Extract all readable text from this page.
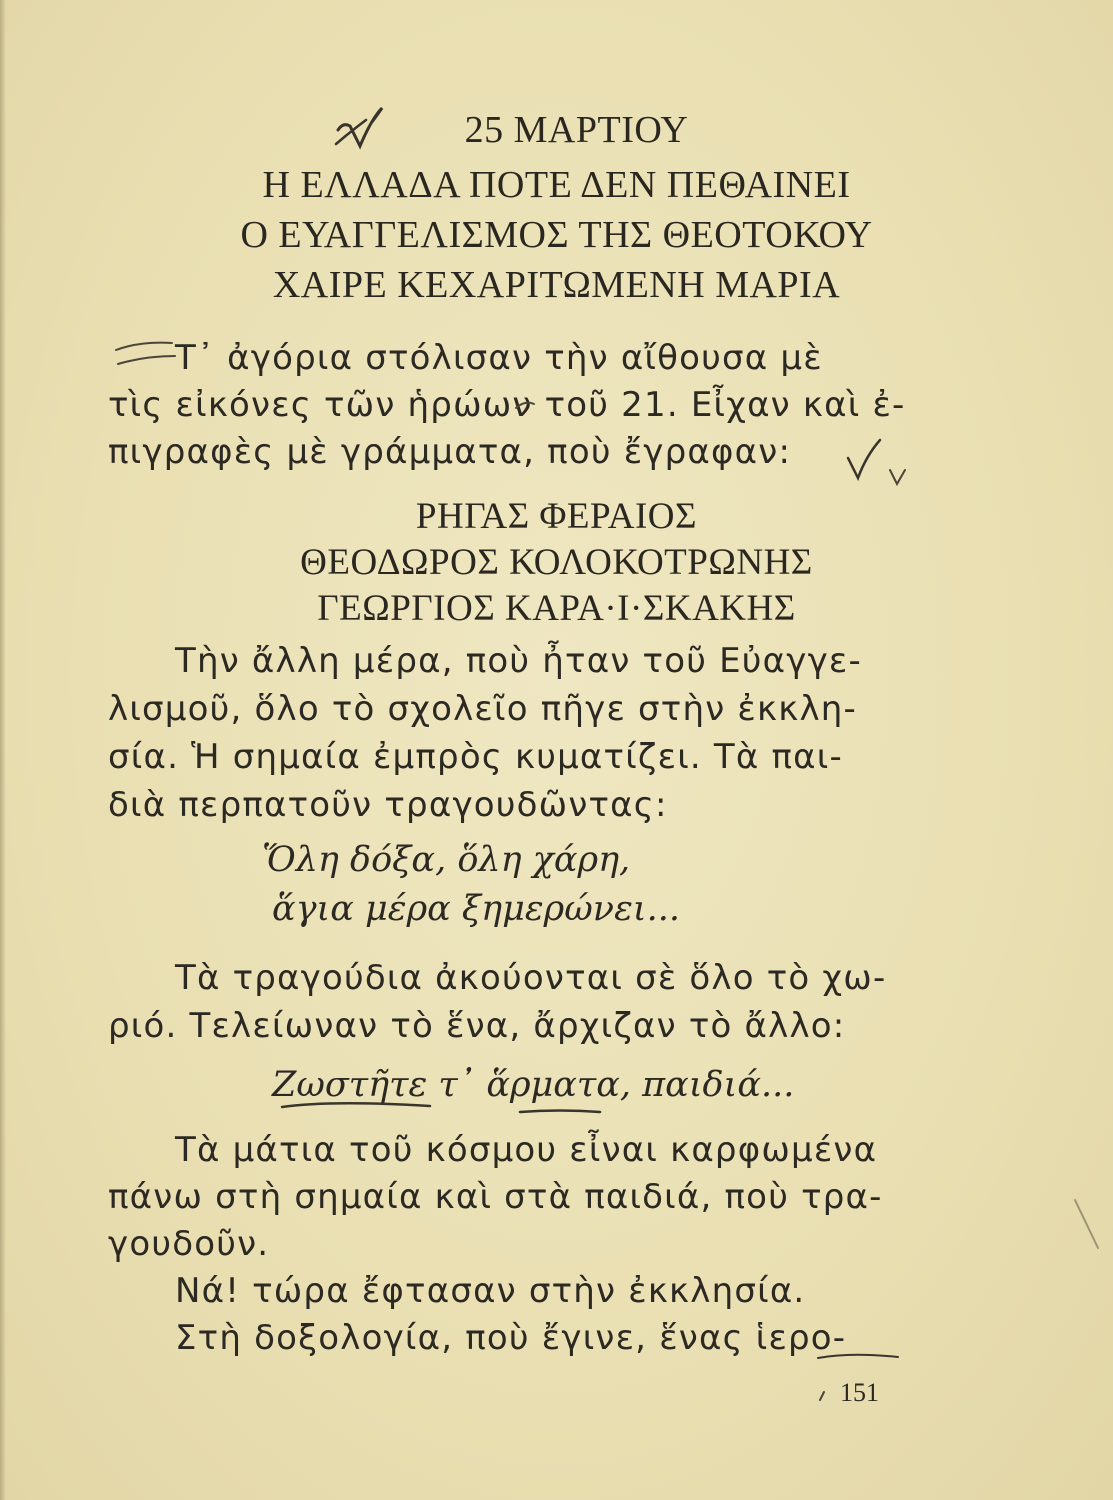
25 ΜΑΡΤΙΟΥ
Η ΕΛΛΑΔΑ ΠΟΤΕ ΔΕΝ ΠΕΘΑΙΝΕΙ
Ο ΕΥΑΓΓΕΛΙΣΜΟΣ ΤΗΣ ΘΕΟΤΟΚΟΥ
ΧΑΙΡΕ ΚΕΧΑΡΙΤΩΜΕΝΗ ΜΑΡΙΑ
Τ᾽ ἀγόρια στόλισαν τὴν αἴθουσα μὲ
τὶς εἰκόνες τῶν ἡρώων τοῦ 21. Εἶχαν καὶ ἐ-
πιγραφὲς μὲ γράμματα, ποὺ ἔγραφαν:
ΡΗΓΑΣ ΦΕΡΑΙΟΣ
ΘΕΟΔΩΡΟΣ ΚΟΛΟΚΟΤΡΩΝΗΣ
ΓΕΩΡΓΙΟΣ ΚΑΡΑ·Ι·ΣΚΑΚΗΣ
Τὴν ἄλλη μέρα, ποὺ ἦταν τοῦ Εὐαγγε-
λισμοῦ, ὅλο τὸ σχολεῖο πῆγε στὴν ἐκκλη-
σία. Ἡ σημαία ἐμπρὸς κυματίζει. Τὰ παι-
διὰ περπατοῦν τραγουδῶντας:
Ὅλη δόξα, ὅλη χάρη,
ἅγια μέρα ξημερώνει...
Τὰ τραγούδια ἀκούονται σὲ ὅλο τὸ χω-
ριό. Τελείωναν τὸ ἕνα, ἄρχιζαν τὸ ἄλλο:
Ζωστῆτε τ᾽ ἅρματα, παιδιά...
Τὰ μάτια τοῦ κόσμου εἶναι καρφωμένα
πάνω στὴ σημαία καὶ στὰ παιδιά, ποὺ τρα-
γουδοῦν.
Νά! τώρα ἔφτασαν στὴν ἐκκλησία.
Στὴ δοξολογία, ποὺ ἔγινε, ἕνας ἱερο-
151
